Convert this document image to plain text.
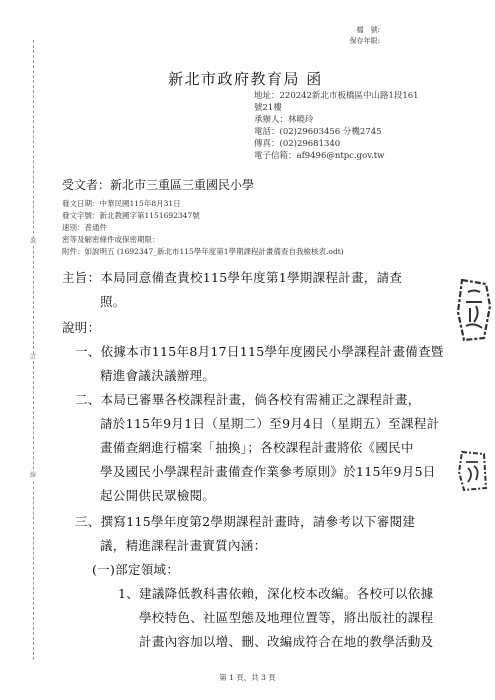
裝
訂
線
檔　號:
保存年限:
新北市政府教育局 函
地址：220242新北市板橋區中山路1段161
號21樓
承辦人：林曉玲
電話：(02)29603456 分機2745
傳真：(02)29681340
電子信箱：af9496@ntpc.gov.tw
受文者：新北市三重區三重國民小學
發文日期：中華民國115年8月31日
發文字號：新北教國字第1151692347號
速別：普通件
密等及解密條件或保密期限：
附件：如說明五 (1692347_新北市115學年度第1學期課程計畫備查自我檢核表.odt)
主旨：本局同意備查貴校115學年度第1學期課程計畫，請查
照。
說明：
一、依據本市115年8月17日115學年度國民小學課程計畫備查暨
精進會議決議辦理。
二、本局已審畢各校課程計畫，倘各校有需補正之課程計畫，
請於115年9月1日（星期二）至9月4日（星期五）至課程計
畫備查網進行檔案「抽換」；各校課程計畫將依《國民中
學及國民小學課程計畫備查作業參考原則》於115年9月5日
起公開供民眾檢閱。
三、撰寫115學年度第2學期課程計畫時，請參考以下審閱建
議，精進課程計畫實質內涵：
(一)部定領域：
1、建議降低教科書依賴，深化校本改編。各校可以依據
學校特色、社區型態及地理位置等，將出版社的課程
計畫內容加以增、刪、改編成符合在地的教學活動及
第 1 頁，共 3 頁
